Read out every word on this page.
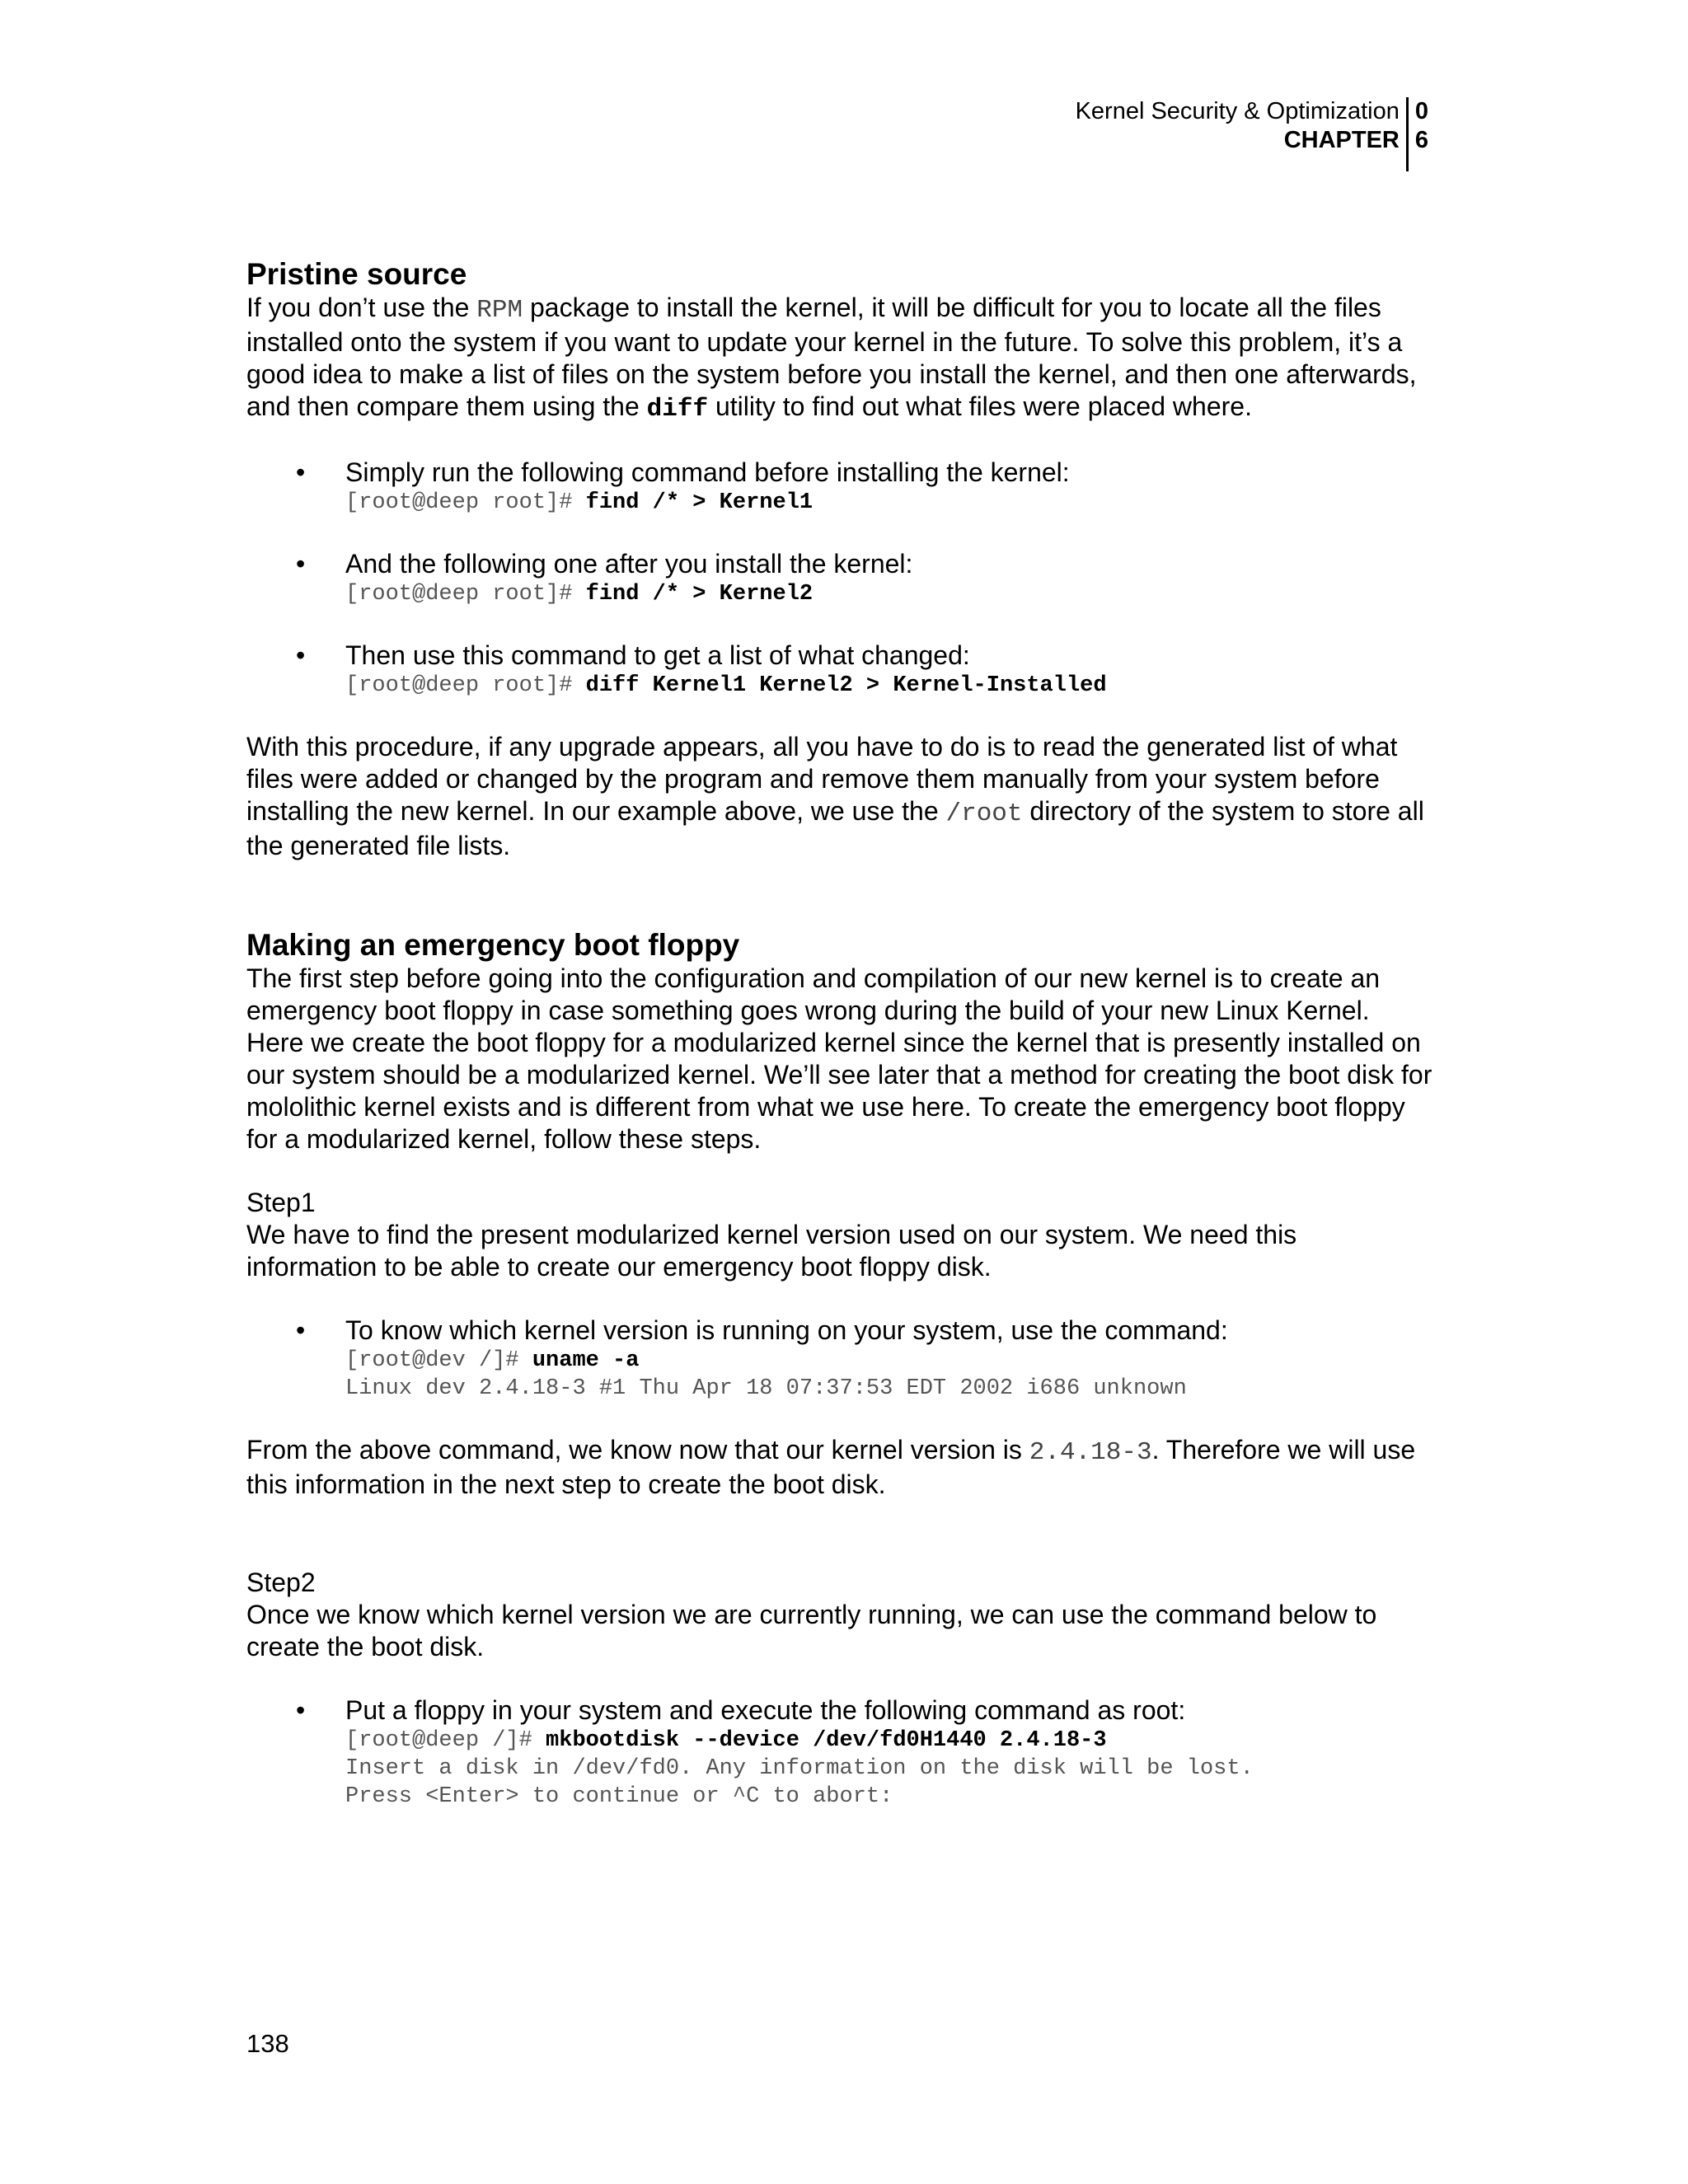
Kernel Security & Optimization
CHAPTER
0
6
Pristine source

If you don’t use the RPM package to install the kernel, it will be difficult for you to locate all the files installed onto the system if you want to update your kernel in the future. To solve this problem, it’s a good idea to make a list of files on the system before you install the kernel, and then one afterwards, and then compare them using the diff utility to find out what files were placed where.

• Simply run the following command before installing the kernel:
[root@deep root]# find /* > Kernel1
• And the following one after you install the kernel:
[root@deep root]# find /* > Kernel2
• Then use this command to get a list of what changed:
[root@deep root]# diff Kernel1 Kernel2 > Kernel-Installed

With this procedure, if any upgrade appears, all you have to do is to read the generated list of what files were added or changed by the program and remove them manually from your system before installing the new kernel. In our example above, we use the /root directory of the system to store all the generated file lists.

Making an emergency boot floppy

The first step before going into the configuration and compilation of our new kernel is to create an emergency boot floppy in case something goes wrong during the build of your new Linux Kernel. Here we create the boot floppy for a modularized kernel since the kernel that is presently installed on our system should be a modularized kernel. We’ll see later that a method for creating the boot disk for mololithic kernel exists and is different from what we use here. To create the emergency boot floppy for a modularized kernel, follow these steps.

Step1

We have to find the present modularized kernel version used on our system. We need this information to be able to create our emergency boot floppy disk.

• To know which kernel version is running on your system, use the command:
[root@dev /]# uname -a
Linux dev 2.4.18-3 #1 Thu Apr 18 07:37:53 EDT 2002 i686 unknown

From the above command, we know now that our kernel version is 2.4.18-3. Therefore we will use this information in the next step to create the boot disk.

Step2

Once we know which kernel version we are currently running, we can use the command below to create the boot disk.

• Put a floppy in your system and execute the following command as root:
[root@deep /]# mkbootdisk --device /dev/fd0H1440 2.4.18-3
Insert a disk in /dev/fd0. Any information on the disk will be lost.
Press <Enter> to continue or ^C to abort:
138
